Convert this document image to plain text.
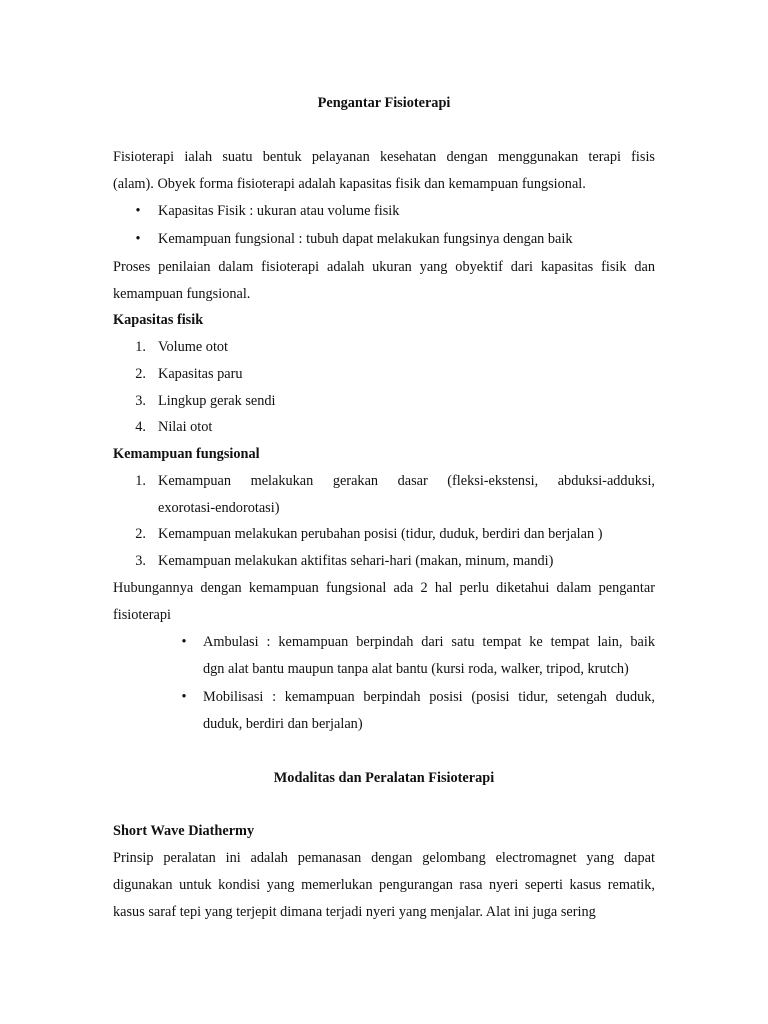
Pengantar Fisioterapi
Fisioterapi ialah suatu bentuk pelayanan kesehatan dengan menggunakan terapi fisis
(alam). Obyek forma fisioterapi adalah kapasitas fisik dan kemampuan fungsional.
• Kapasitas Fisik : ukuran atau volume fisik
• Kemampuan fungsional : tubuh dapat melakukan fungsinya dengan baik
Proses penilaian dalam fisioterapi adalah ukuran yang obyektif dari kapasitas fisik dan
kemampuan fungsional.
Kapasitas fisik
1. Volume otot
2. Kapasitas paru
3. Lingkup gerak sendi
4. Nilai otot
Kemampuan fungsional
1. Kemampuan melakukan gerakan dasar (fleksi-ekstensi, abduksi-adduksi,
exorotasi-endorotasi)
2. Kemampuan melakukan perubahan posisi (tidur, duduk, berdiri dan berjalan )
3. Kemampuan melakukan aktifitas sehari-hari (makan, minum, mandi)
Hubungannya dengan kemampuan fungsional ada 2 hal perlu diketahui dalam pengantar
fisioterapi
• Ambulasi : kemampuan berpindah dari satu tempat ke tempat lain, baik
dgn alat bantu maupun tanpa alat bantu (kursi roda, walker, tripod, krutch)
• Mobilisasi : kemampuan berpindah posisi (posisi tidur, setengah duduk,
duduk, berdiri dan berjalan)
Modalitas dan Peralatan Fisioterapi
Short Wave Diathermy
Prinsip peralatan ini adalah pemanasan dengan gelombang electromagnet yang dapat
digunakan untuk kondisi yang memerlukan pengurangan rasa nyeri seperti kasus rematik,
kasus saraf tepi yang terjepit dimana terjadi nyeri yang menjalar. Alat ini juga sering
